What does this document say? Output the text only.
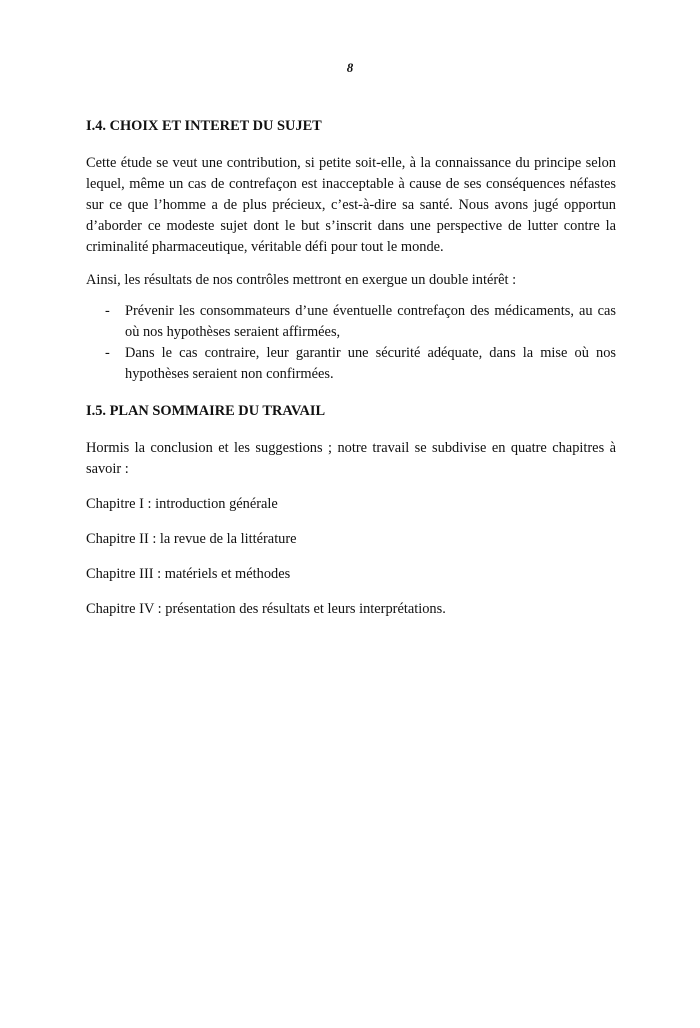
8
I.4. CHOIX ET INTERET DU SUJET

Cette étude se veut une contribution, si petite soit-elle, à la connaissance du principe selon lequel, même un cas de contrefaçon est inacceptable à cause de ses conséquences néfastes sur ce que l’homme a de plus précieux, c’est-à-dire sa santé. Nous avons jugé opportun d’aborder ce modeste sujet dont le but s’inscrit dans une perspective de lutter contre la criminalité pharmaceutique, véritable défi pour tout le monde.

Ainsi, les résultats de nos contrôles mettront en exergue un double intérêt :

- Prévenir les consommateurs d’une éventuelle contrefaçon des médicaments, au cas où nos hypothèses seraient affirmées,
- Dans le cas contraire, leur garantir une sécurité adéquate, dans la mise où nos hypothèses seraient non confirmées.
I.5. PLAN SOMMAIRE DU TRAVAIL

Hormis la conclusion et les suggestions ; notre travail se subdivise en quatre chapitres à savoir :

Chapitre I : introduction générale

Chapitre II : la revue de la littérature

Chapitre III : matériels et méthodes

Chapitre IV : présentation des résultats et leurs interprétations.
